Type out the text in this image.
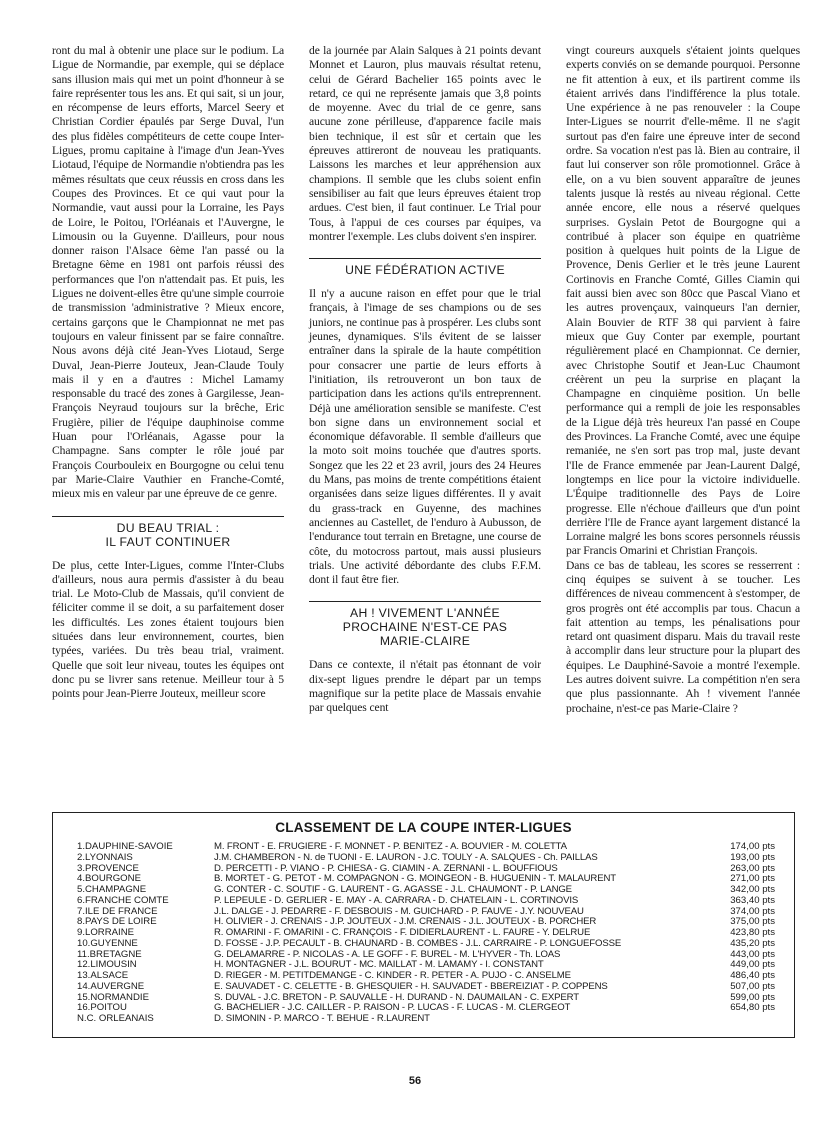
ront du mal à obtenir une place sur le podium. La Ligue de Normandie, par exemple, qui se déplace sans illusion mais qui met un point d'honneur à se faire représenter tous les ans. Et qui sait, si un jour, en récompense de leurs efforts, Marcel Seery et Christian Cordier épaulés par Serge Duval, l'un des plus fidèles compétiteurs de cette coupe Inter-Ligues, promu capitaine à l'image d'un Jean-Yves Liotaud, l'équipe de Normandie n'obtiendra pas les mêmes résultats que ceux réussis en cross dans les Coupes des Provinces. Et ce qui vaut pour la Normandie, vaut aussi pour la Lorraine, les Pays de Loire, le Poitou, l'Orléanais et l'Auvergne, le Limousin ou la Guyenne. D'ailleurs, pour nous donner raison l'Alsace 6ème l'an passé ou la Bretagne 6ème en 1981 ont parfois réussi des performances que l'on n'attendait pas. Et puis, les Ligues ne doivent-elles être qu'une simple courroie de transmission 'administrative ? Mieux encore, certains garçons que le Championnat ne met pas toujours en valeur finissent par se faire connaître. Nous avons déjà cité Jean-Yves Liotaud, Serge Duval, Jean-Pierre Jouteux, Jean-Claude Touly mais il y en a d'autres : Michel Lamamy responsable du tracé des zones à Gargilesse, Jean-François Neyraud toujours sur la brêche, Eric Frugière, pilier de l'équipe dauphinoise comme Huan pour l'Orléanais, Agasse pour la Champagne. Sans compter le rôle joué par François Courbouleix en Bourgogne ou celui tenu par Marie-Claire Vauthier en Franche-Comté, mieux mis en valeur par une épreuve de ce genre.

DU BEAU TRIAL :
IL FAUT CONTINUER

De plus, cette Inter-Ligues, comme l'Inter-Clubs d'ailleurs, nous aura permis d'assister à du beau trial. Le Moto-Club de Massais, qu'il convient de féliciter comme il se doit, a su parfaitement doser les difficultés. Les zones étaient toujours bien situées dans leur environnement, courtes, bien typées, variées. Du très beau trial, vraiment. Quelle que soit leur niveau, toutes les équipes ont donc pu se livrer sans retenue. Meilleur tour à 5 points pour Jean-Pierre Jouteux, meilleur score

de la journée par Alain Salques à 21 points devant Monnet et Lauron, plus mauvais résultat retenu, celui de Gérard Bachelier 165 points avec le retard, ce qui ne représente jamais que 3,8 points de moyenne. Avec du trial de ce genre, sans aucune zone périlleuse, d'apparence facile mais bien technique, il est sûr et certain que les épreuves attireront de nouveau les pratiquants. Laissons les marches et leur appréhension aux champions. Il semble que les clubs soient enfin sensibiliser au fait que leurs épreuves étaient trop ardues. C'est bien, il faut continuer. Le Trial pour Tous, à l'appui de ces courses par équipes, va montrer l'exemple. Les clubs doivent s'en inspirer.

UNE FÉDÉRATION ACTIVE

Il n'y a aucune raison en effet pour que le trial français, à l'image de ses champions ou de ses juniors, ne continue pas à prospérer. Les clubs sont jeunes, dynamiques. S'ils évitent de se laisser entraîner dans la spirale de la haute compétition pour consacrer une partie de leurs efforts à l'initiation, ils retrouveront un bon taux de participation dans les actions qu'ils entreprennent. Déjà une amélioration sensible se manifeste. C'est bon signe dans un environnement social et économique défavorable. Il semble d'ailleurs que la moto soit moins touchée que d'autres sports. Songez que les 22 et 23 avril, jours des 24 Heures du Mans, pas moins de trente compétitions étaient organisées dans seize ligues différentes. Il y avait du grass-track en Guyenne, des machines anciennes au Castellet, de l'enduro à Aubusson, de l'endurance tout terrain en Bretagne, une course de côte, du motocross partout, mais aussi plusieurs trials. Une activité débordante des clubs F.F.M. dont il faut être fier.

AH ! VIVEMENT L'ANNÉE
PROCHAINE N'EST-CE PAS
MARIE-CLAIRE

Dans ce contexte, il n'était pas étonnant de voir dix-sept ligues prendre le départ par un temps magnifique sur la petite place de Massais envahie par quelques cent

vingt coureurs auxquels s'étaient joints quelques experts conviés on se demande pourquoi. Personne ne fit attention à eux, et ils partirent comme ils étaient arrivés dans l'indifférence la plus totale. Une expérience à ne pas renouveler : la Coupe Inter-Ligues se nourrit d'elle-même. Il ne s'agit surtout pas d'en faire une épreuve inter de second ordre. Sa vocation n'est pas là. Bien au contraire, il faut lui conserver son rôle promotionnel. Grâce à elle, on a vu bien souvent apparaître de jeunes talents jusque là restés au niveau régional. Cette année encore, elle nous a réservé quelques surprises. Gyslain Petot de Bourgogne qui a contribué à placer son équipe en quatrième position à quelques huit points de la Ligue de Provence, Denis Gerlier et le très jeune Laurent Cortinovis en Franche Comté, Gilles Ciamin qui fait aussi bien avec son 80cc que Pascal Viano et les autres provençaux, vainqueurs l'an dernier, Alain Bouvier de RTF 38 qui parvient à faire mieux que Guy Conter par exemple, pourtant régulièrement placé en Championnat. Ce dernier, avec Christophe Soutif et Jean-Luc Chaumont créèrent un peu la surprise en plaçant la Champagne en cinquième position. Un belle performance qui a rempli de joie les responsables de la Ligue déjà très heureux l'an passé en Coupe des Provinces. La Franche Comté, avec une équipe remaniée, ne s'en sort pas trop mal, juste devant l'Ile de France emmenée par Jean-Laurent Dalgé, longtemps en lice pour la victoire individuelle. L'Équipe traditionnelle des Pays de Loire progresse. Elle n'échoue d'ailleurs que d'un point derrière l'Ile de France ayant largement distancé la Lorraine malgré les bons scores personnels réussis par Francis Omarini et Christian François.

Dans ce bas de tableau, les scores se resserrent : cinq équipes se suivent à se toucher. Les différences de niveau commencent à s'estomper, de gros progrès ont été accomplis par tous. Chacun a fait attention au temps, les pénalisations pour retard ont quasiment disparu. Mais du travail reste à accomplir dans leur structure pour la plupart des équipes. Le Dauphiné-Savoie a montré l'exemple. Les autres doivent suivre. La compétition n'en sera que plus passionnante. Ah ! vivement l'année prochaine, n'est-ce pas Marie-Claire ?

CLASSEMENT DE LA COUPE INTER-LIGUES
1.DAUPHINÉ-SAVOIE	M. FRONT - É. FRUGIERE - F. MONNET - P. BENITEZ - A. BOUVIER - M. COLETTA	174,00 pts
2.LYONNAIS	J.M. CHAMBERON - N. de TUONI - E. LAURON - J.C. TOULY - A. SALQUES - Ch. PAILLAS	193,00 pts
3.PROVENCE	D. PERCETTI - P. VIANO - P. CHIESA - G. CIAMIN - A. ZERNANI - L. BOUFFIOUS	263,00 pts
4.BOURGONE	B. MORTET - G. PETOT - M. COMPAGNON - G. MOINGEON - B. HUGUENIN - T. MALAURENT	271,00 pts
5.CHAMPAGNE	G. CONTER - C. SOUTIF - G. LAURENT - G. AGASSE - J.L. CHAUMONT - P. LANGE	342,00 pts
6.FRANCHE COMTÉ	P. LEPEULE - D. GERLIER - E. MAY - A. CARRARA - D. CHATELAIN - L. CORTINOVIS	363,40 pts
7.ILE DE FRANCE	J.L. DALGÉ - J. PEDARRE - F. DESBOUIS - M. GUICHARD - P. FAUVE - J.Y. NOUVEAU	374,00 pts
8.PAYS DE LOIRE	H. OLIVIER - J. CRENAIS - J.P. JOUTEUX - J.M. CRENAIS - J.L. JOUTEUX - B. PORCHER	375,00 pts
9.LORRAINE	R. OMARINI - F. OMARINI - C. FRANÇOIS - F. DIDIERLAURENT - L. FAURE - Y. DELRUE	423,80 pts
10.GUYENNE	D. FOSSE - J.P. PECAULT - B. CHAUNARD - B. COMBES - J.L. CARRAIRE - P. LONGUEFOSSE	435,20 pts
11.BRETAGNE	G. DELAMARRE - P. NICOLAS - A. LE GOFF - F. BUREL - M. L'HYVER - Th. LOAS	443,00 pts
12.LIMOUSIN	H. MONTAGNER - J.L. BOURUT - MC. MAILLAT - M. LAMAMY - I. CONSTANT	449,00 pts
13.ALSACE	D. RIEGER - M. PETITDEMANGE - C. KINDER - R. PETER - A. PUJO - C. ANSELME	486,40 pts
14.AUVERGNE	E. SAUVADET - C. CELETTE - B. GHESQUIER - H. SAUVADET - BBEREIZIAT - P. COPPENS	507,00 pts
15.NORMANDIE	S. DUVAL - J.C. BRETON - P. SAUVALLE - H. DURAND - N. DAUMAILAN - C. EXPERT	599,00 pts
16.POITOU	G. BACHELIER - J.C. CAILLER - P. RAISON - P. LUCAS - F. LUCAS - M. CLERGEOT	654,80 pts
N.C. ORLÉANAIS	D. SIMONIN - P. MARCO - T. BEHUE - R.LAURENT
56
